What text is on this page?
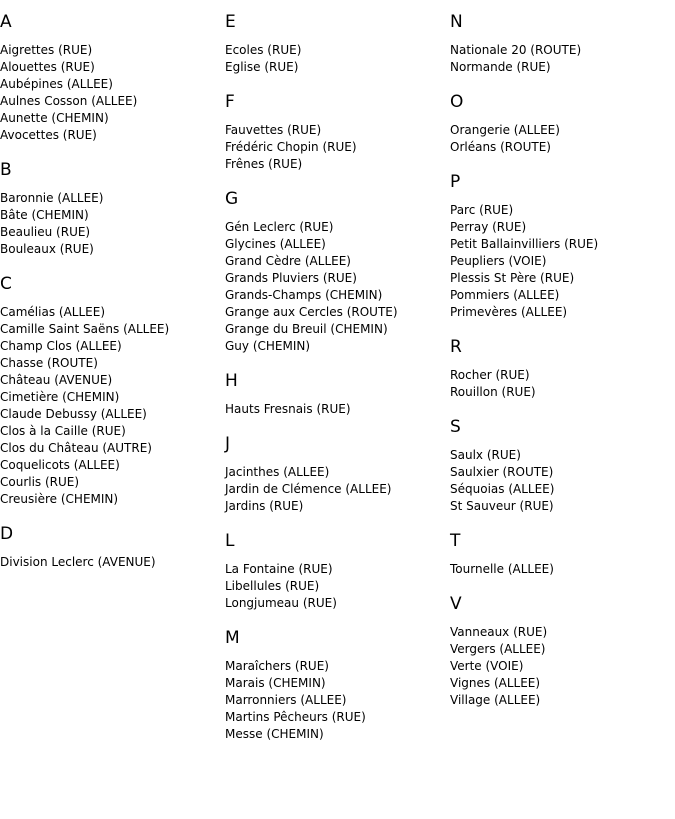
A
Aigrettes (RUE)
Alouettes (RUE)
Aubépines (ALLEE)
Aulnes Cosson (ALLEE)
Aunette (CHEMIN)
Avocettes (RUE)
B
Baronnie (ALLEE)
Bâte (CHEMIN)
Beaulieu (RUE)
Bouleaux (RUE)
C
Camélias (ALLEE)
Camille Saint Saëns (ALLEE)
Champ Clos (ALLEE)
Chasse (ROUTE)
Château (AVENUE)
Cimetière (CHEMIN)
Claude Debussy (ALLEE)
Clos à la Caille (RUE)
Clos du Château (AUTRE)
Coquelicots (ALLEE)
Courlis (RUE)
Creusière (CHEMIN)
D
Division Leclerc (AVENUE)
E
Ecoles (RUE)
Eglise (RUE)
F
Fauvettes (RUE)
Frédéric Chopin (RUE)
Frênes (RUE)
G
Gén Leclerc (RUE)
Glycines (ALLEE)
Grand Cèdre (ALLEE)
Grands Pluviers (RUE)
Grands-Champs (CHEMIN)
Grange aux Cercles (ROUTE)
Grange du Breuil (CHEMIN)
Guy (CHEMIN)
H
Hauts Fresnais (RUE)
J
Jacinthes (ALLEE)
Jardin de Clémence (ALLEE)
Jardins (RUE)
L
La Fontaine (RUE)
Libellules (RUE)
Longjumeau (RUE)
M
Maraîchers (RUE)
Marais (CHEMIN)
Marronniers (ALLEE)
Martins Pêcheurs (RUE)
Messe (CHEMIN)
N
Nationale 20 (ROUTE)
Normande (RUE)
O
Orangerie (ALLEE)
Orléans (ROUTE)
P
Parc (RUE)
Perray (RUE)
Petit Ballainvilliers (RUE)
Peupliers (VOIE)
Plessis St Père (RUE)
Pommiers (ALLEE)
Primevères (ALLEE)
R
Rocher (RUE)
Rouillon (RUE)
S
Saulx (RUE)
Saulxier (ROUTE)
Séquoias (ALLEE)
St Sauveur (RUE)
T
Tournelle (ALLEE)
V
Vanneaux (RUE)
Vergers (ALLEE)
Verte (VOIE)
Vignes (ALLEE)
Village (ALLEE)
